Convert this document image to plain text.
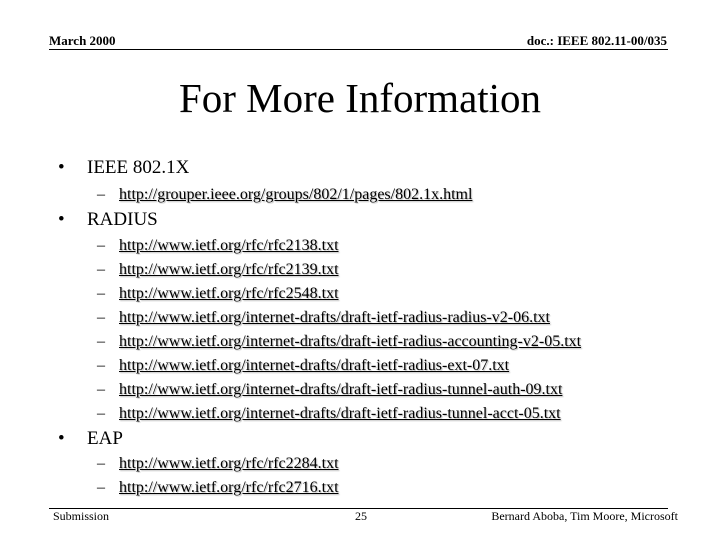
March 2000	doc.: IEEE 802.11-00/035
For More Information
• IEEE 802.1X
– http://grouper.ieee.org/groups/802/1/pages/802.1x.html
• RADIUS
– http://www.ietf.org/rfc/rfc2138.txt
– http://www.ietf.org/rfc/rfc2139.txt
– http://www.ietf.org/rfc/rfc2548.txt
– http://www.ietf.org/internet-drafts/draft-ietf-radius-radius-v2-06.txt
– http://www.ietf.org/internet-drafts/draft-ietf-radius-accounting-v2-05.txt
– http://www.ietf.org/internet-drafts/draft-ietf-radius-ext-07.txt
– http://www.ietf.org/internet-drafts/draft-ietf-radius-tunnel-auth-09.txt
– http://www.ietf.org/internet-drafts/draft-ietf-radius-tunnel-acct-05.txt
• EAP
– http://www.ietf.org/rfc/rfc2284.txt
– http://www.ietf.org/rfc/rfc2716.txt
Submission	25	Bernard Aboba, Tim Moore, Microsoft
